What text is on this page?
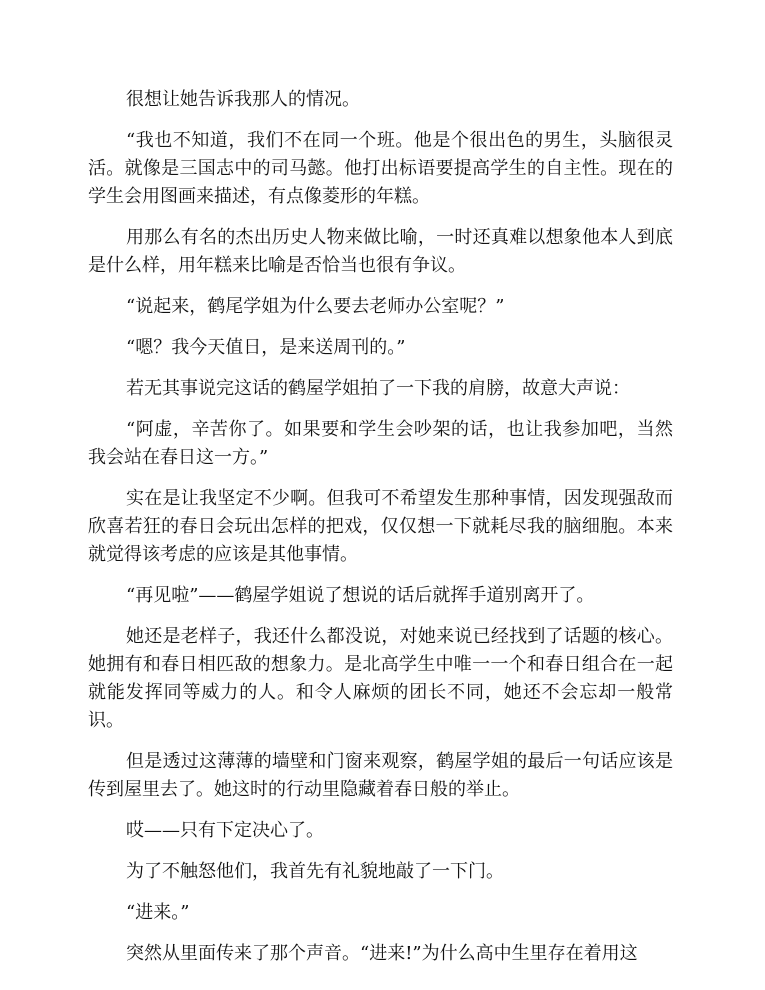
很想让她告诉我那人的情况。

“我也不知道，我们不在同一个班。他是个很出色的男生，头脑很灵活。就像是三国志中的司马懿。他打出标语要提高学生的自主性。现在的学生会用图画来描述，有点像菱形的年糕。

用那么有名的杰出历史人物来做比喻，一时还真难以想象他本人到底是什么样，用年糕来比喻是否恰当也很有争议。

“说起来，鹤尾学姐为什么要去老师办公室呢？”

“嗯？我今天值日，是来送周刊的。”

若无其事说完这话的鹤屋学姐拍了一下我的肩膀，故意大声说：

“阿虚，辛苦你了。如果要和学生会吵架的话，也让我参加吧，当然我会站在春日这一方。”

实在是让我坚定不少啊。但我可不希望发生那种事情，因发现强敌而欣喜若狂的春日会玩出怎样的把戏，仅仅想一下就耗尽我的脑细胞。本来就觉得该考虑的应该是其他事情。

“再见啦”——鹤屋学姐说了想说的话后就挥手道别离开了。

她还是老样子，我还什么都没说，对她来说已经找到了话题的核心。她拥有和春日相匹敌的想象力。是北高学生中唯一一个和春日组合在一起就能发挥同等威力的人。和令人麻烦的团长不同，她还不会忘却一般常识。

但是透过这薄薄的墙壁和门窗来观察，鹤屋学姐的最后一句话应该是传到屋里去了。她这时的行动里隐藏着春日般的举止。

哎——只有下定决心了。

为了不触怒他们，我首先有礼貌地敲了一下门。

“进来。”

突然从里面传来了那个声音。“进来!”为什么高中生里存在着用这
